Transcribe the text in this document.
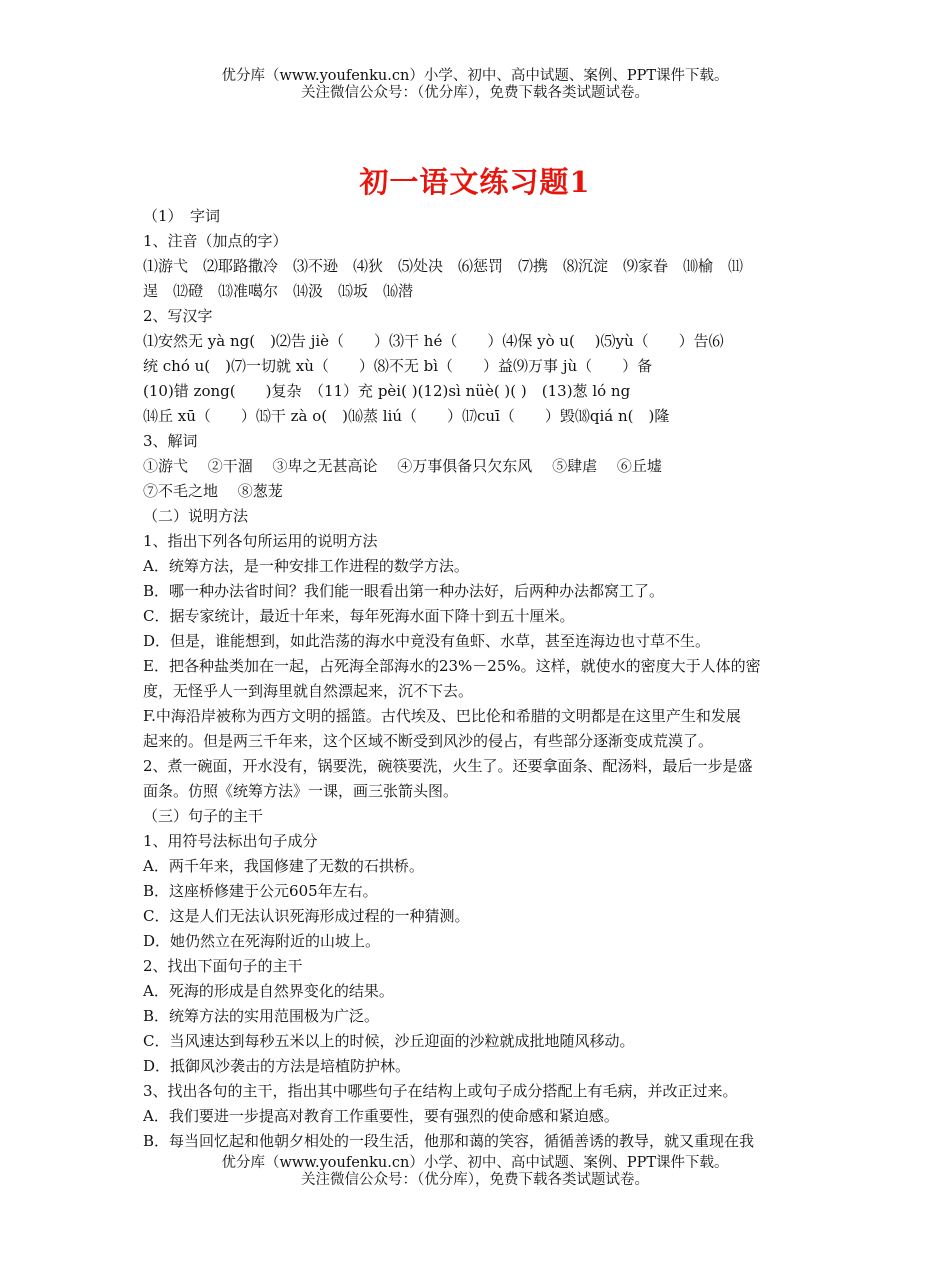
优分库（www.youfenku.cn）小学、初中、高中试题、案例、PPT课件下载。
关注微信公众号：（优分库），免费下载各类试题试卷。
初一语文练习题1
（1）　字词
1、注音（加点的字）
⑴游弋　⑵耶路撒冷　⑶不逊　⑷狄　⑸处决　⑹惩罚　⑺携　⑻沉淀　⑼家眷　⑽榆　⑾
逞　⑿磴　⒀准噶尔　⒁汲　⒂坂　⒃潜
2、写汉字
⑴安然无 yà ng(　)⑵告 jiè（　　）⑶干 hé（　　）⑷保 yò u(　 )⑸yù（　　）告⑹
统 chó u(　)⑺一切就 xù（　　）⑻不无 bì（　　）益⑼万事 jù（　　）备
(10)错 zong(　　)复杂　（11）充 pèi( )(12)sì nüè( )( )　(13)葱 ló ng
⒁丘 xū（　　）⒂干 zà o(　)⒃蒸 liú（　　）⒄cuī（　　）毁⒅qiá n(　)隆
3、解词
①游弋　 ②干涸　 ③卑之无甚高论　 ④万事俱备只欠东风　 ⑤肆虐　 ⑥丘墟
⑦不毛之地　 ⑧葱茏
（二）说明方法
1、指出下列各句所运用的说明方法
A．统筹方法，是一种安排工作进程的数学方法。
B．哪一种办法省时间？我们能一眼看出第一种办法好，后两种办法都窝工了。
C．据专家统计，最近十年来，每年死海水面下降十到五十厘米。
D．但是，谁能想到，如此浩荡的海水中竟没有鱼虾、水草，甚至连海边也寸草不生。
E．把各种盐类加在一起，占死海全部海水的23%－25%。这样，就使水的密度大于人体的密
度，无怪乎人一到海里就自然漂起来，沉不下去。
F.中海沿岸被称为西方文明的摇篮。古代埃及、巴比伦和希腊的文明都是在这里产生和发展
起来的。但是两三千年来，这个区域不断受到风沙的侵占，有些部分逐渐变成荒漠了。
2、煮一碗面，开水没有，锅要洗，碗筷要洗，火生了。还要拿面条、配汤料，最后一步是盛
面条。仿照《统筹方法》一课，画三张箭头图。
（三）句子的主干
1、用符号法标出句子成分
A．两千年来，我国修建了无数的石拱桥。
B．这座桥修建于公元605年左右。
C．这是人们无法认识死海形成过程的一种猜测。
D．她仍然立在死海附近的山坡上。
2、找出下面句子的主干
A．死海的形成是自然界变化的结果。
B．统筹方法的实用范围极为广泛。
C．当风速达到每秒五米以上的时候，沙丘迎面的沙粒就成批地随风移动。
D．抵御风沙袭击的方法是培植防护林。
3、找出各句的主干，指出其中哪些句子在结构上或句子成分搭配上有毛病，并改正过来。
A．我们要进一步提高对教育工作重要性，要有强烈的使命感和紧迫感。
B．每当回忆起和他朝夕相处的一段生活，他那和蔼的笑容，循循善诱的教导，就又重现在我
优分库（www.youfenku.cn）小学、初中、高中试题、案例、PPT课件下载。
关注微信公众号：（优分库），免费下载各类试题试卷。
